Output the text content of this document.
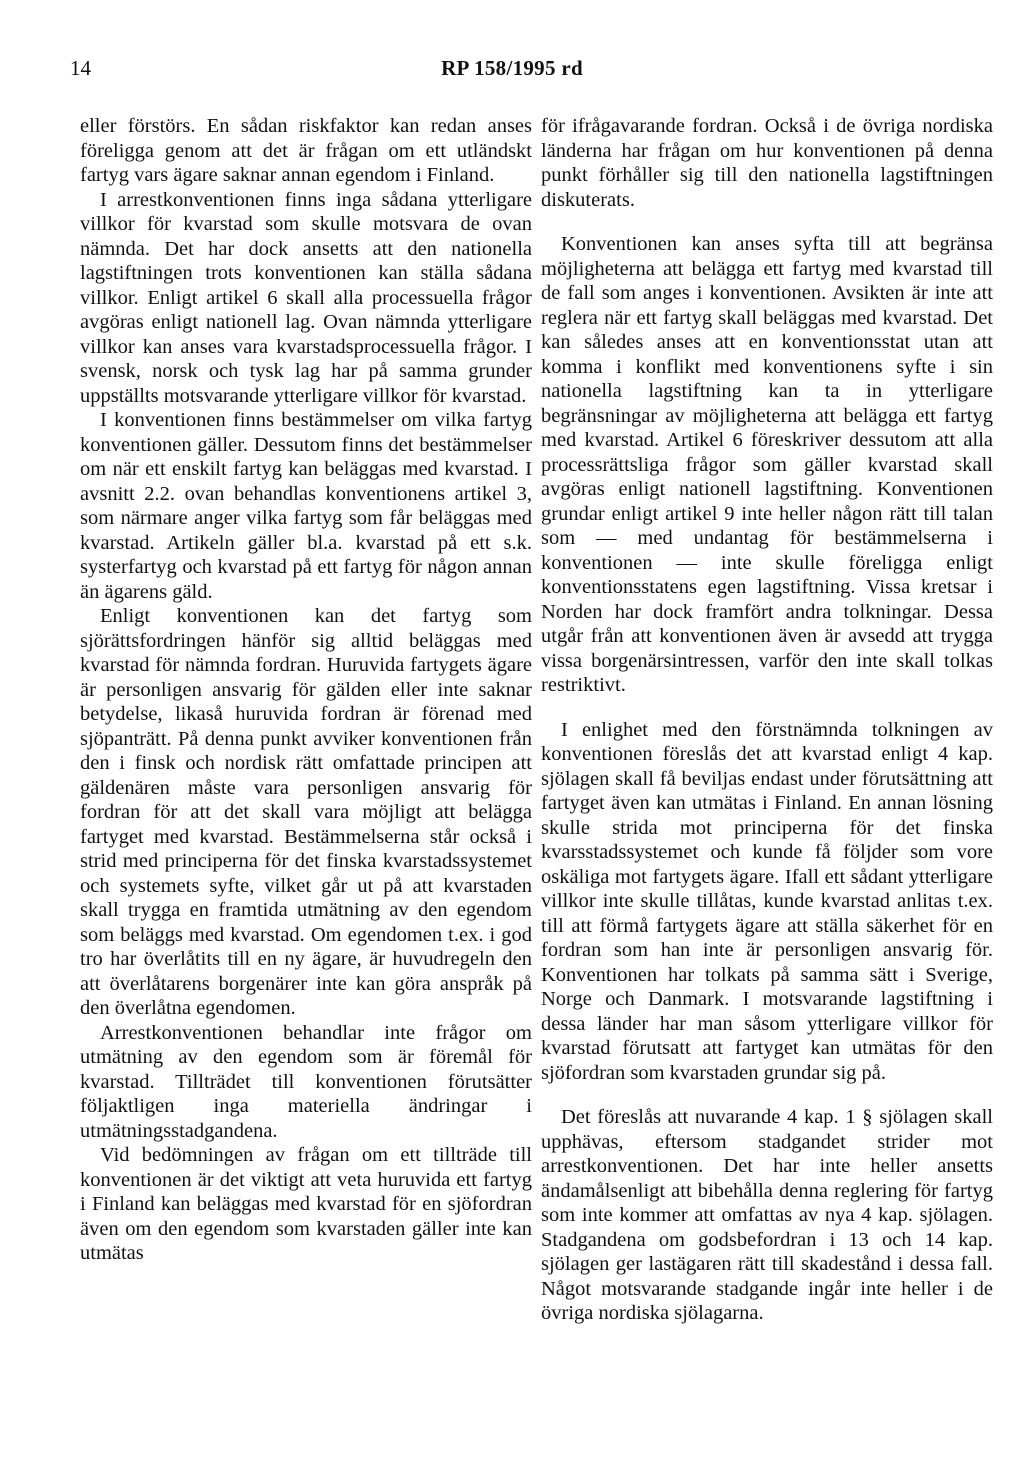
14	RP 158/1995 rd

eller förstörs. En sådan riskfaktor kan redan anses föreligga genom att det är frågan om ett utländskt fartyg vars ägare saknar annan egendom i Finland.

I arrestkonventionen finns inga sådana ytterligare villkor för kvarstad som skulle motsvara de ovan nämnda. Det har dock ansetts att den nationella lagstiftningen trots konventionen kan ställa sådana villkor. Enligt artikel 6 skall alla processuella frågor avgöras enligt nationell lag. Ovan nämnda ytterligare villkor kan anses vara kvarstadsprocessuella frågor. I svensk, norsk och tysk lag har på samma grunder uppställts motsvarande ytterligare villkor för kvarstad.

I konventionen finns bestämmelser om vilka fartyg konventionen gäller. Dessutom finns det bestämmelser om när ett enskilt fartyg kan beläggas med kvarstad. I avsnitt 2.2. ovan behandlas konventionens artikel 3, som närmare anger vilka fartyg som får beläggas med kvarstad. Artikeln gäller bl.a. kvarstad på ett s.k. systerfartyg och kvarstad på ett fartyg för någon annan än ägarens gäld.

Enligt konventionen kan det fartyg som sjörättsfordringen hänför sig alltid beläggas med kvarstad för nämnda fordran. Huruvida fartygets ägare är personligen ansvarig för gälden eller inte saknar betydelse, likaså huruvida fordran är förenad med sjöpanträtt. På denna punkt avviker konventionen från den i finsk och nordisk rätt omfattade principen att gäldenären måste vara personligen ansvarig för fordran för att det skall vara möjligt att belägga fartyget med kvarstad. Bestämmelserna står också i strid med principerna för det finska kvarstadssystemet och systemets syfte, vilket går ut på att kvarstaden skall trygga en framtida utmätning av den egendom som beläggs med kvarstad. Om egendomen t.ex. i god tro har överlåtits till en ny ägare, är huvudregeln den att överlåtarens borgenärer inte kan göra anspråk på den överlåtna egendomen.

Arrestkonventionen behandlar inte frågor om utmätning av den egendom som är föremål för kvarstad. Tillträdet till konventionen förutsätter följaktligen inga materiella ändringar i utmätningsstadgandena.

Vid bedömningen av frågan om ett tillträde till konventionen är det viktigt att veta huruvida ett fartyg i Finland kan beläggas med kvarstad för en sjöfordran även om den egendom som kvarstaden gäller inte kan utmätas

för ifrågavarande fordran. Också i de övriga nordiska länderna har frågan om hur konventionen på denna punkt förhåller sig till den nationella lagstiftningen diskuterats.

Konventionen kan anses syfta till att begränsa möjligheterna att belägga ett fartyg med kvarstad till de fall som anges i konventionen. Avsikten är inte att reglera när ett fartyg skall beläggas med kvarstad. Det kan således anses att en konventionsstat utan att komma i konflikt med konventionens syfte i sin nationella lagstiftning kan ta in ytterligare begränsningar av möjligheterna att belägga ett fartyg med kvarstad. Artikel 6 föreskriver dessutom att alla processrättsliga frågor som gäller kvarstad skall avgöras enligt nationell lagstiftning. Konventionen grundar enligt artikel 9 inte heller någon rätt till talan som — med undantag för bestämmelserna i konventionen — inte skulle föreligga enligt konventionsstatens egen lagstiftning. Vissa kretsar i Norden har dock framfört andra tolkningar. Dessa utgår från att konventionen även är avsedd att trygga vissa borgenärsintressen, varför den inte skall tolkas restriktivt.

I enlighet med den förstnämnda tolkningen av konventionen föreslås det att kvarstad enligt 4 kap. sjölagen skall få beviljas endast under förutsättning att fartyget även kan utmätas i Finland. En annan lösning skulle strida mot principerna för det finska kvarsstadssystemet och kunde få följder som vore oskäliga mot fartygets ägare. Ifall ett sådant ytterligare villkor inte skulle tillåtas, kunde kvarstad anlitas t.ex. till att förmå fartygets ägare att ställa säkerhet för en fordran som han inte är personligen ansvarig för. Konventionen har tolkats på samma sätt i Sverige, Norge och Danmark. I motsvarande lagstiftning i dessa länder har man såsom ytterligare villkor för kvarstad förutsatt att fartyget kan utmätas för den sjöfordran som kvarstaden grundar sig på.

Det föreslås att nuvarande 4 kap. 1 § sjölagen skall upphävas, eftersom stadgandet strider mot arrestkonventionen. Det har inte heller ansetts ändamålsenligt att bibehålla denna reglering för fartyg som inte kommer att omfattas av nya 4 kap. sjölagen. Stadgandena om godsbefordran i 13 och 14 kap. sjölagen ger lastägaren rätt till skadestånd i dessa fall. Något motsvarande stadgande ingår inte heller i de övriga nordiska sjölagarna.
